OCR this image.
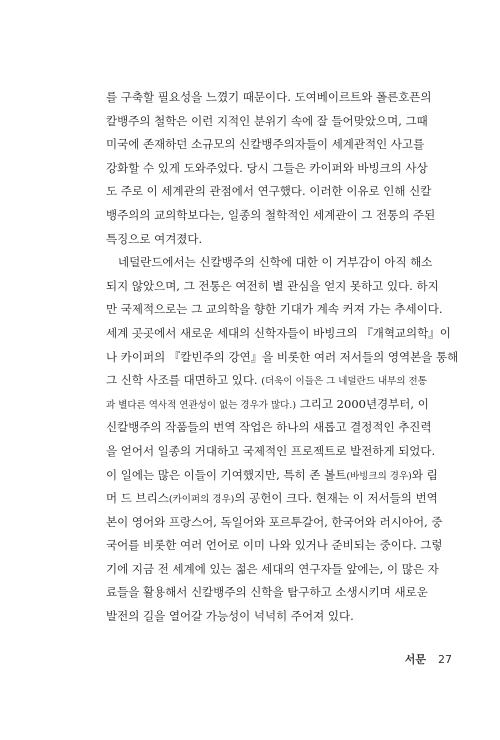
를 구축할 필요성을 느꼈기 때문이다. 도여베이르트와 폴른호픈의
칼뱅주의 철학은 이런 지적인 분위기 속에 잘 들어맞았으며, 그때
미국에 존재하던 소규모의 신칼뱅주의자들이 세계관적인 사고를
강화할 수 있게 도와주었다. 당시 그들은 카이퍼와 바빙크의 사상
도 주로 이 세계관의 관점에서 연구했다. 이러한 이유로 인해 신칼
뱅주의의 교의학보다는, 일종의 철학적인 세계관이 그 전통의 주된
특징으로 여겨졌다.
네덜란드에서는 신칼뱅주의 신학에 대한 이 거부감이 아직 해소
되지 않았으며, 그 전통은 여전히 별 관심을 얻지 못하고 있다. 하지
만 국제적으로는 그 교의학을 향한 기대가 계속 커져 가는 추세이다.
세계 곳곳에서 새로운 세대의 신학자들이 바빙크의 『개혁교의학』이
나 카이퍼의 『칼빈주의 강연』을 비롯한 여러 저서들의 영역본을 통해
그 신학 사조를 대면하고 있다. (더욱이 이들은 그 네덜란드 내부의 전통
과 별다른 역사적 연관성이 없는 경우가 많다.) 그리고 2000년경부터, 이
신칼뱅주의 작품들의 번역 작업은 하나의 새롭고 결정적인 추진력
을 얻어서 일종의 거대하고 국제적인 프로젝트로 발전하게 되었다.
이 일에는 많은 이들이 기여했지만, 특히 존 볼트(바빙크의 경우)와 림
머 드 브리스(카이퍼의 경우)의 공헌이 크다. 현재는 이 저서들의 번역
본이 영어와 프랑스어, 독일어와 포르투갈어, 한국어와 러시아어, 중
국어를 비롯한 여러 언어로 이미 나와 있거나 준비되는 중이다. 그렇
기에 지금 전 세계에 있는 젊은 세대의 연구자들 앞에는, 이 많은 자
료들을 활용해서 신칼뱅주의 신학을 탐구하고 소생시키며 새로운
발전의 길을 열어갈 가능성이 넉넉히 주어져 있다.
서문 27
